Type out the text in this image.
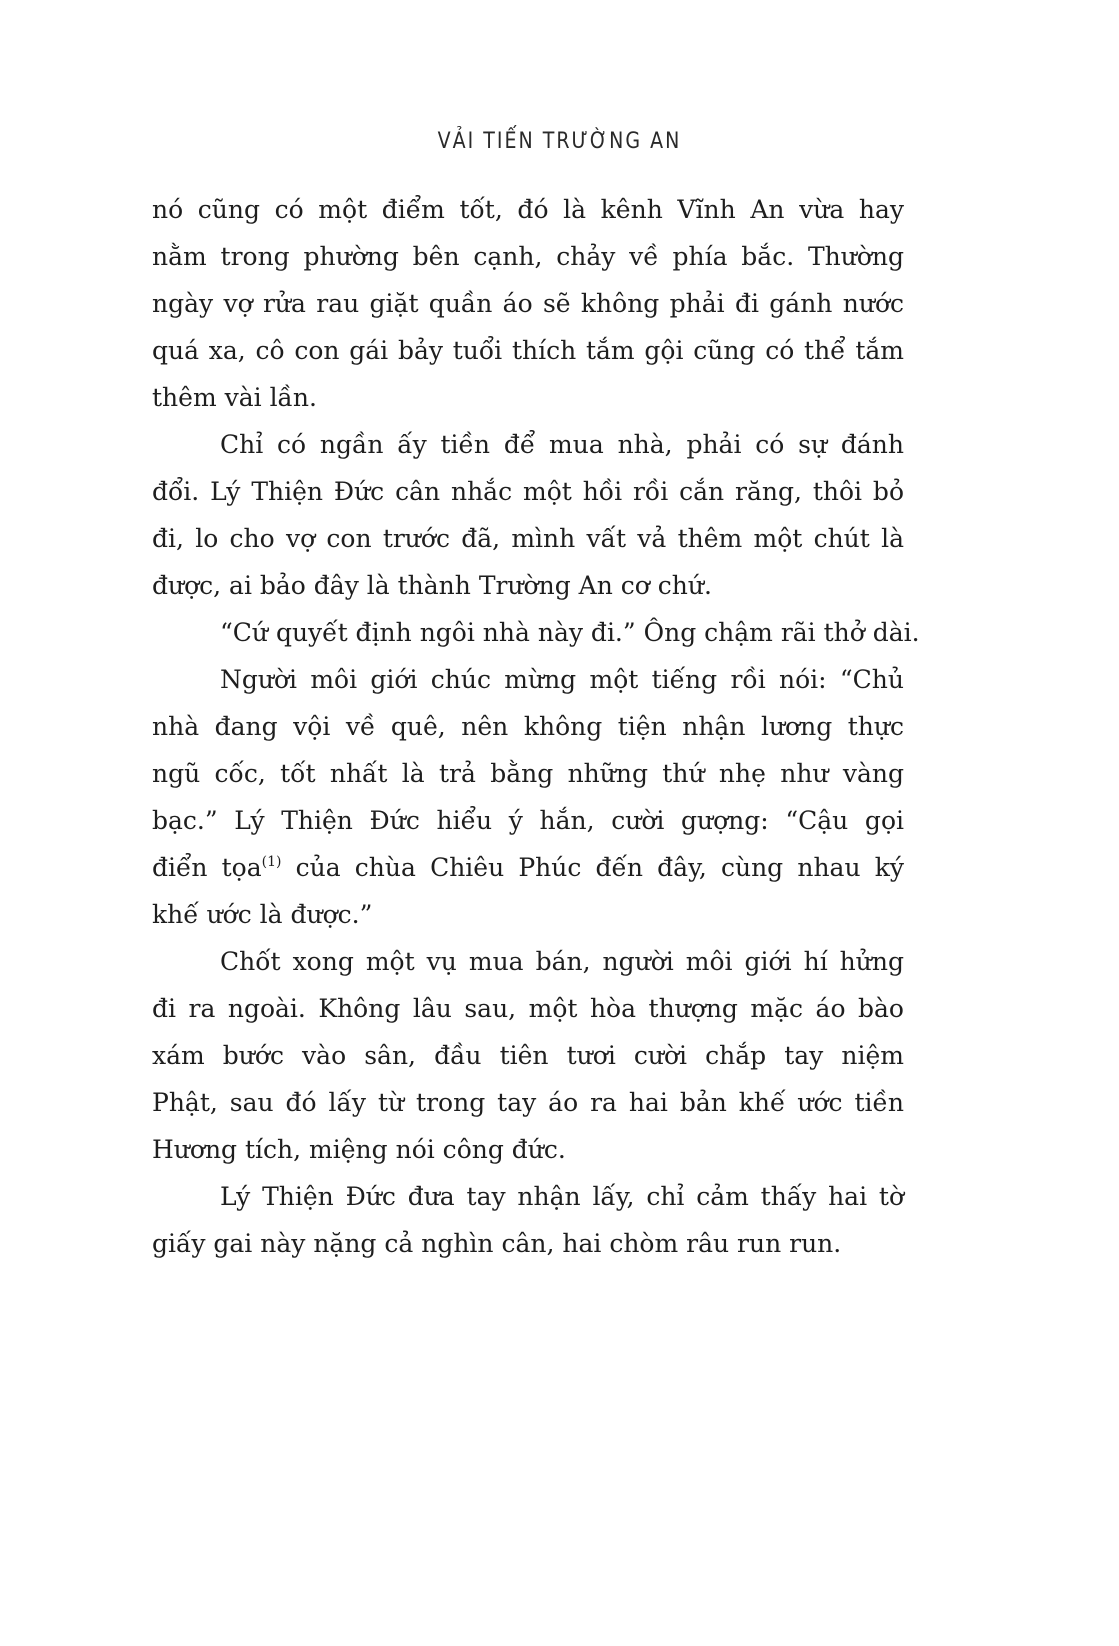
VẢI TIẾN TRƯỜNG AN

nó cũng có một điểm tốt, đó là kênh Vĩnh An vừa hay
nằm trong phường bên cạnh, chảy về phía bắc. Thường
ngày vợ rửa rau giặt quần áo sẽ không phải đi gánh nước
quá xa, cô con gái bảy tuổi thích tắm gội cũng có thể tắm
thêm vài lần.

Chỉ có ngần ấy tiền để mua nhà, phải có sự đánh
đổi. Lý Thiện Đức cân nhắc một hồi rồi cắn răng, thôi bỏ
đi, lo cho vợ con trước đã, mình vất vả thêm một chút là
được, ai bảo đây là thành Trường An cơ chứ.

“Cứ quyết định ngôi nhà này đi.” Ông chậm rãi thở dài.

Người môi giới chúc mừng một tiếng rồi nói: “Chủ
nhà đang vội về quê, nên không tiện nhận lương thực
ngũ cốc, tốt nhất là trả bằng những thứ nhẹ như vàng
bạc.” Lý Thiện Đức hiểu ý hắn, cười gượng: “Cậu gọi
điển tọa$^{(1)}$ của chùa Chiêu Phúc đến đây, cùng nhau ký
khế ước là được.”

Chốt xong một vụ mua bán, người môi giới hí hửng
đi ra ngoài. Không lâu sau, một hòa thượng mặc áo bào
xám bước vào sân, đầu tiên tươi cười chắp tay niệm
Phật, sau đó lấy từ trong tay áo ra hai bản khế ước tiền
Hương tích, miệng nói công đức.

Lý Thiện Đức đưa tay nhận lấy, chỉ cảm thấy hai tờ
giấy gai này nặng cả nghìn cân, hai chòm râu run run.
